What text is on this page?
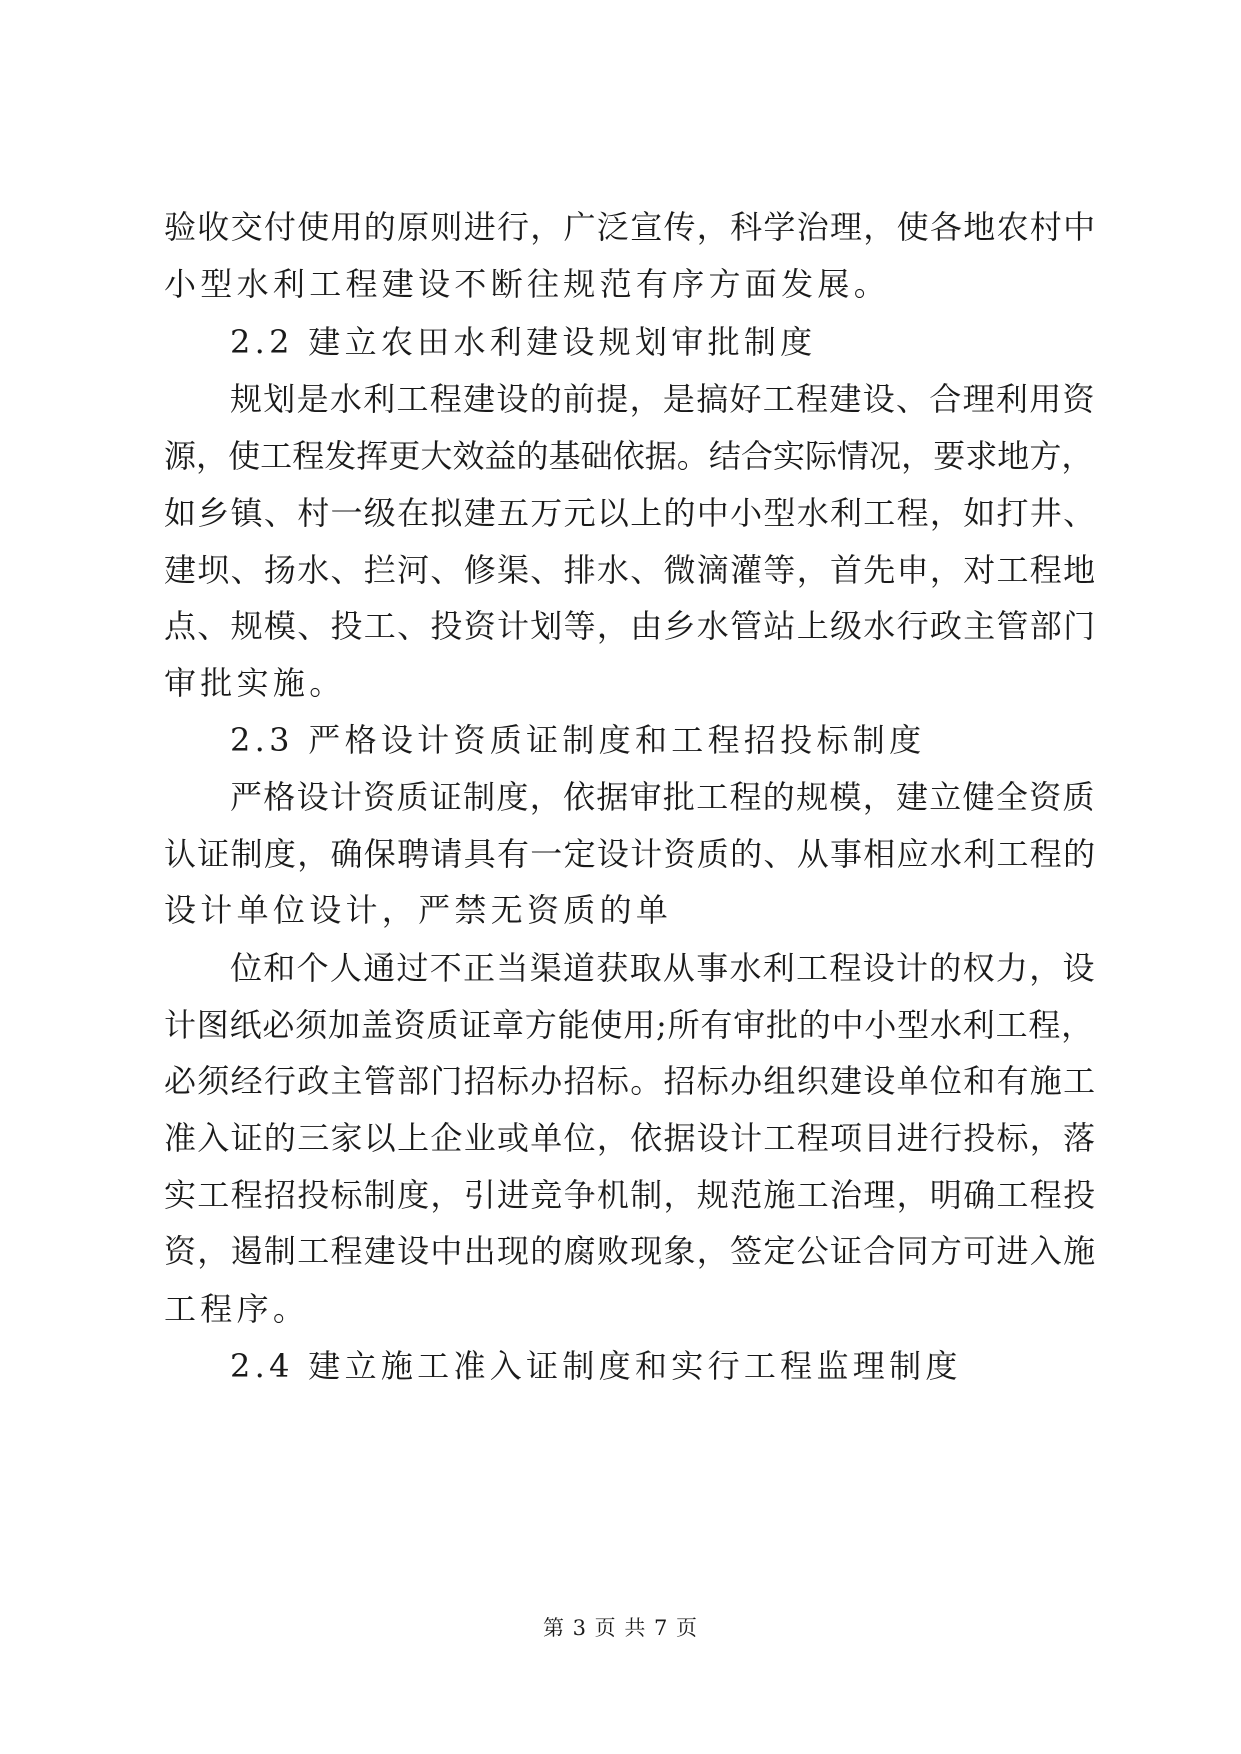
验收交付使用的原则进行，广泛宣传，科学治理，使各地农村中
小型水利工程建设不断往规范有序方面发展。
2.2 建立农田水利建设规划审批制度
规划是水利工程建设的前提，是搞好工程建设、合理利用资
源，使工程发挥更大效益的基础依据。结合实际情况，要求地方，
如乡镇、村一级在拟建五万元以上的中小型水利工程，如打井、
建坝、扬水、拦河、修渠、排水、微滴灌等，首先申，对工程地
点、规模、投工、投资计划等，由乡水管站上级水行政主管部门
审批实施。
2.3 严格设计资质证制度和工程招投标制度
严格设计资质证制度，依据审批工程的规模，建立健全资质
认证制度，确保聘请具有一定设计资质的、从事相应水利工程的
设计单位设计，严禁无资质的单
位和个人通过不正当渠道获取从事水利工程设计的权力，设
计图纸必须加盖资质证章方能使用;所有审批的中小型水利工程，
必须经行政主管部门招标办招标。招标办组织建设单位和有施工
准入证的三家以上企业或单位，依据设计工程项目进行投标，落
实工程招投标制度，引进竞争机制，规范施工治理，明确工程投
资，遏制工程建设中出现的腐败现象，签定公证合同方可进入施
工程序。
2.4 建立施工准入证制度和实行工程监理制度
第 3 页 共 7 页
